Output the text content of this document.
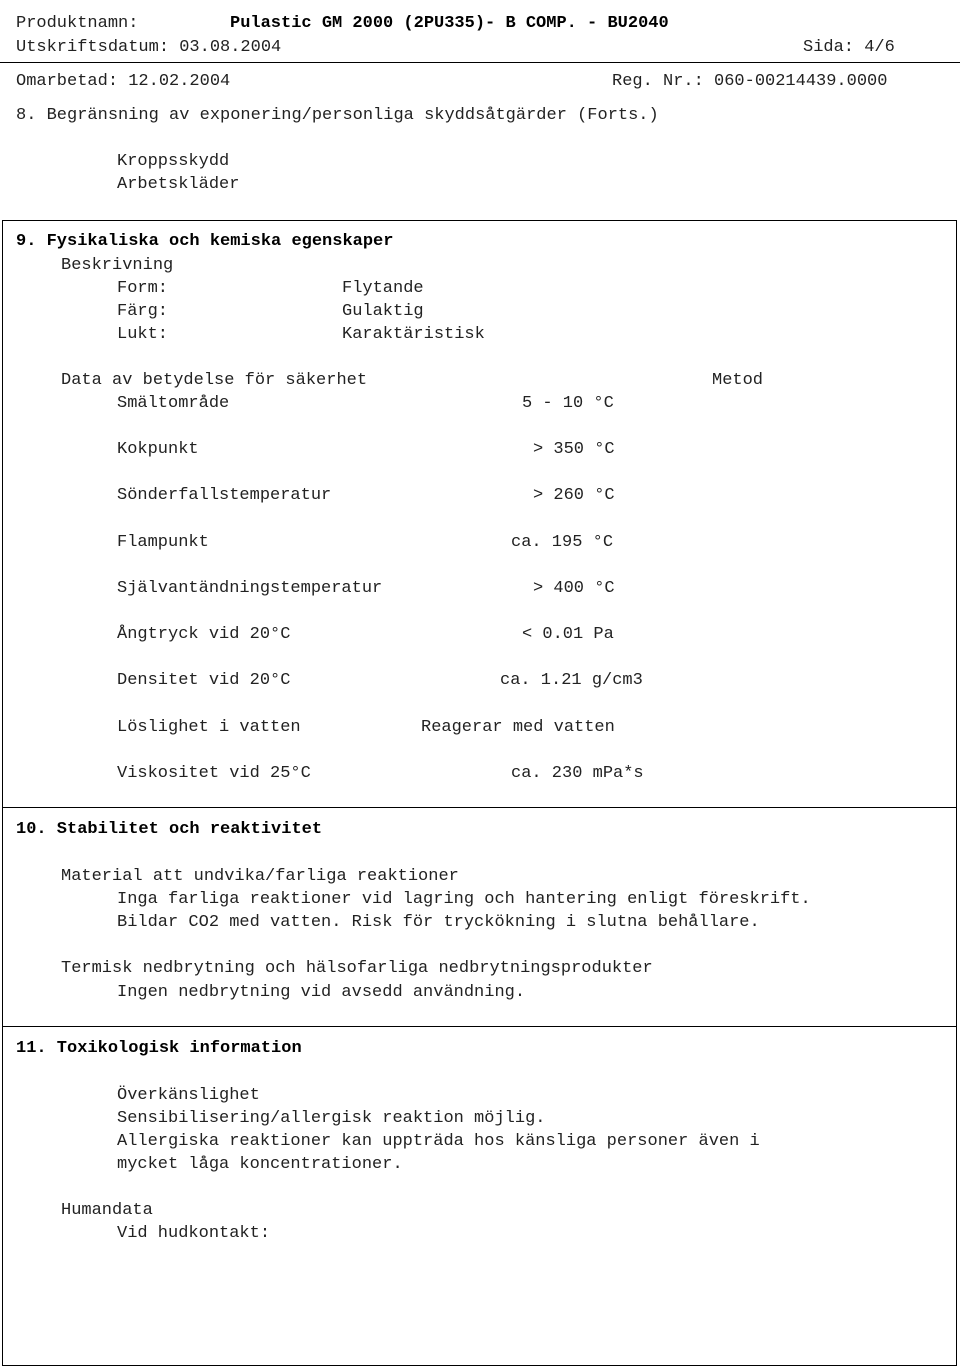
Produktnamn:	Pulastic GM 2000 (2PU335)- B COMP. - BU2040
Utskriftsdatum: 03.08.2004	Sida: 4/6
Omarbetad: 12.02.2004	Reg. Nr.: 060-00214439.0000
8. Begränsning av exponering/personliga skyddsåtgärder (Forts.)
Kroppsskydd
Arbetskläder
9. Fysikaliska och kemiska egenskaper
Beskrivning
Form:	Flytande
Färg:	Gulaktig
Lukt:	Karaktäristisk
Data av betydelse för säkerhet	Metod
Smältområde	5 - 10 °C
Kokpunkt	> 350 °C
Sönderfallstemperatur	> 260 °C
Flampunkt	ca. 195 °C
Självantändningstemperatur	> 400 °C
Ångtryck vid 20°C	< 0.01 Pa
Densitet vid 20°C	ca. 1.21 g/cm3
Löslighet i vatten	Reagerar med vatten
Viskositet vid 25°C	ca. 230 mPa*s
10. Stabilitet och reaktivitet
Material att undvika/farliga reaktioner
Inga farliga reaktioner vid lagring och hantering enligt föreskrift.
Bildar CO2 med vatten. Risk för tryckökning i slutna behållare.
Termisk nedbrytning och hälsofarliga nedbrytningsprodukter
Ingen nedbrytning vid avsedd användning.
11. Toxikologisk information
Överkänslighet
Sensibilisering/allergisk reaktion möjlig.
Allergiska reaktioner kan uppträda hos känsliga personer även i
mycket låga koncentrationer.
Humandata
Vid hudkontakt:
